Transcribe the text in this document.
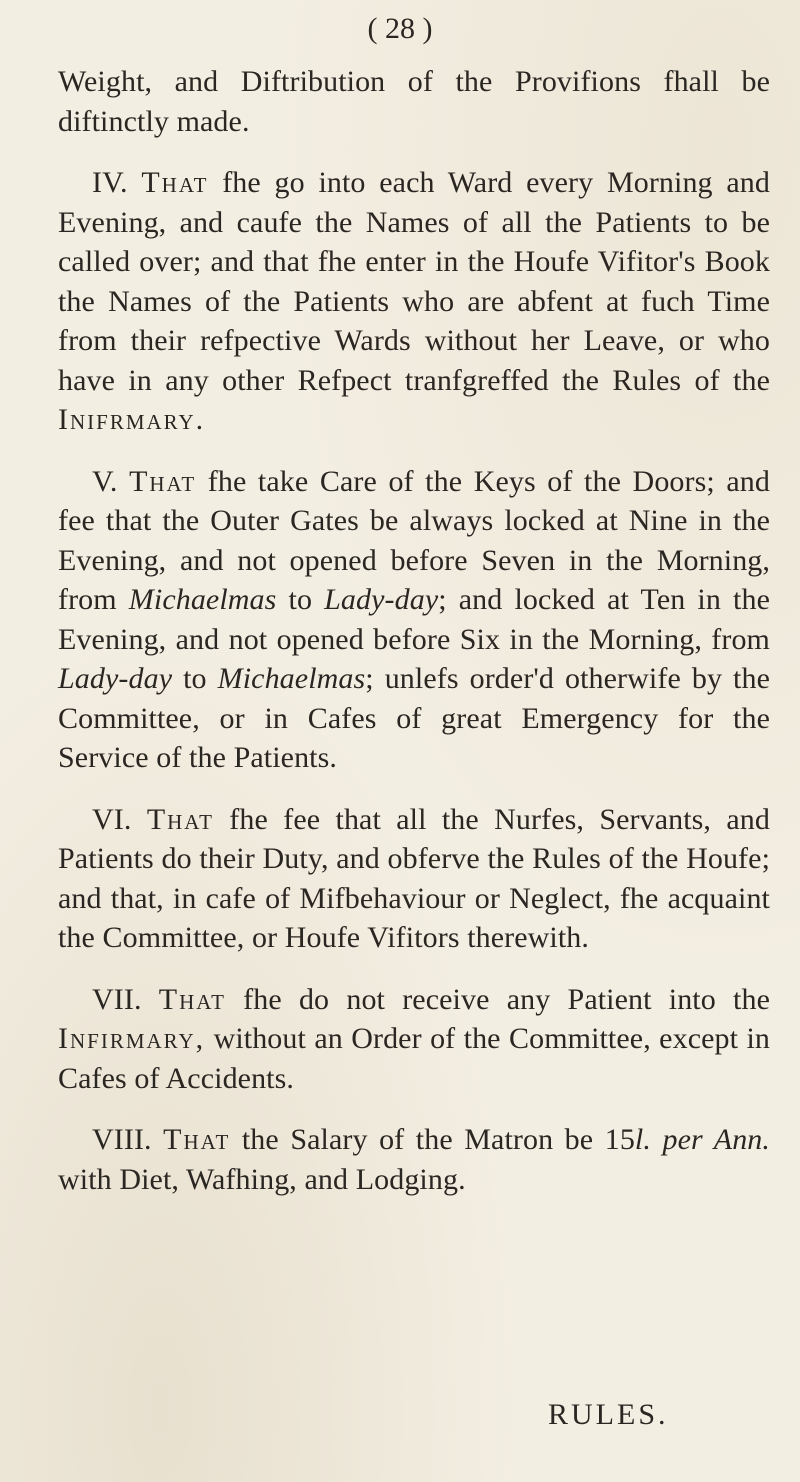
( 28 )

Weight, and Diftribution of the Provifions fhall be diftinctly made.

IV. That fhe go into each Ward every Morning and Evening, and caufe the Names of all the Patients to be called over; and that fhe enter in the Houfe Vifitor's Book the Names of the Patients who are abfent at fuch Time from their refpective Wards without her Leave, or who have in any other Refpect tranfgreffed the Rules of the Inifrmary.

V. That fhe take Care of the Keys of the Doors; and fee that the Outer Gates be always locked at Nine in the Evening, and not opened before Seven in the Morning, from Michaelmas to Lady-day; and locked at Ten in the Evening, and not opened before Six in the Morning, from Lady-day to Michaelmas; unlefs order'd otherwife by the Committee, or in Cafes of great Emergency for the Service of the Patients.

VI. That fhe fee that all the Nurfes, Servants, and Patients do their Duty, and obferve the Rules of the Houfe; and that, in cafe of Mifbehaviour or Neglect, fhe acquaint the Committee, or Houfe Vifitors therewith.

VII. That fhe do not receive any Patient into the Infirmary, without an Order of the Committee, except in Cafes of Accidents.

VIII. That the Salary of the Matron be 15l. per Ann. with Diet, Wafhing, and Lodging.

RULES.
